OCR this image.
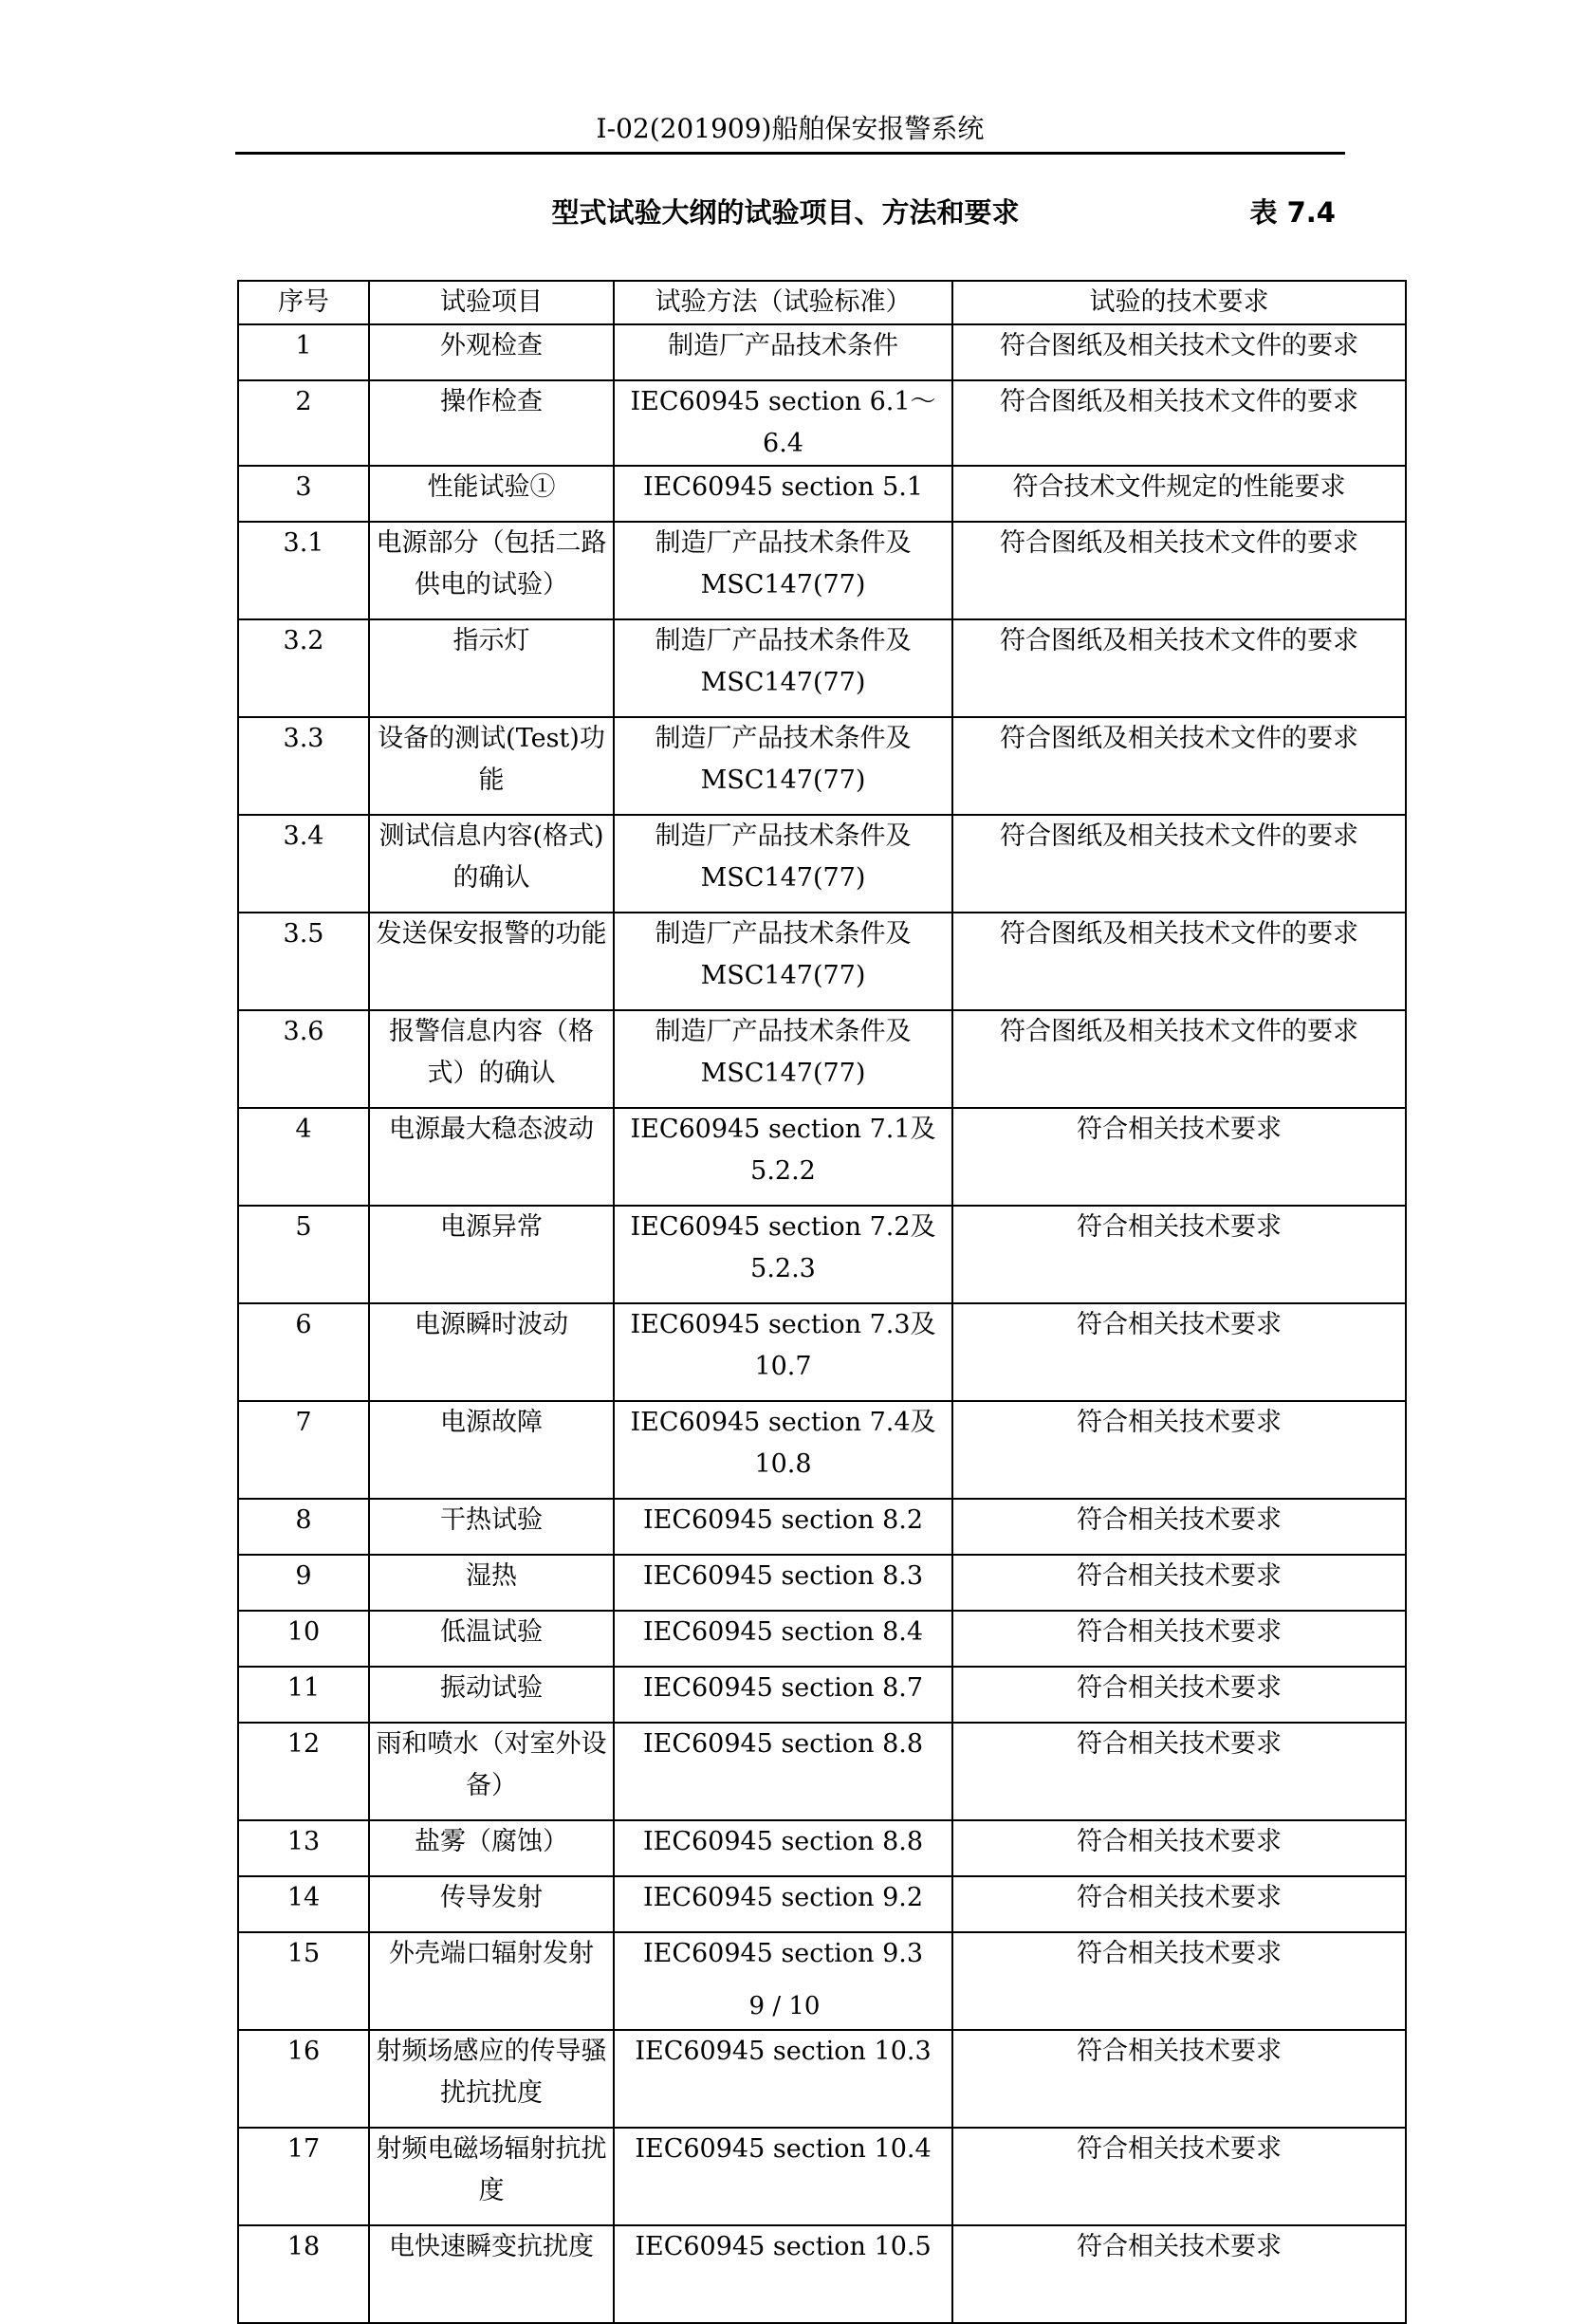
I-02(201909)船舶保安报警系统
型式试验大纲的试验项目、方法和要求	表 7.4
序号	试验项目	试验方法（试验标准）	试验的技术要求
1	外观检查	制造厂产品技术条件	符合图纸及相关技术文件的要求
2	操作检查	IEC60945 section 6.1～6.4	符合图纸及相关技术文件的要求
3	性能试验①	IEC60945 section 5.1	符合技术文件规定的性能要求
3.1	电源部分（包括二路供电的试验）	制造厂产品技术条件及MSC147(77)	符合图纸及相关技术文件的要求
3.2	指示灯	制造厂产品技术条件及MSC147(77)	符合图纸及相关技术文件的要求
3.3	设备的测试(Test)功能	制造厂产品技术条件及MSC147(77)	符合图纸及相关技术文件的要求
3.4	测试信息内容(格式)的确认	制造厂产品技术条件及MSC147(77)	符合图纸及相关技术文件的要求
3.5	发送保安报警的功能	制造厂产品技术条件及MSC147(77)	符合图纸及相关技术文件的要求
3.6	报警信息内容（格式）的确认	制造厂产品技术条件及MSC147(77)	符合图纸及相关技术文件的要求
4	电源最大稳态波动	IEC60945 section 7.1及5.2.2	符合相关技术要求
5	电源异常	IEC60945 section 7.2及5.2.3	符合相关技术要求
6	电源瞬时波动	IEC60945 section 7.3及10.7	符合相关技术要求
7	电源故障	IEC60945 section 7.4及10.8	符合相关技术要求
8	干热试验	IEC60945 section 8.2	符合相关技术要求
9	湿热	IEC60945 section 8.3	符合相关技术要求
10	低温试验	IEC60945 section 8.4	符合相关技术要求
11	振动试验	IEC60945 section 8.7	符合相关技术要求
12	雨和喷水（对室外设备）	IEC60945 section 8.8	符合相关技术要求
13	盐雾（腐蚀）	IEC60945 section 8.8	符合相关技术要求
14	传导发射	IEC60945 section 9.2	符合相关技术要求
15	外壳端口辐射发射	IEC60945 section 9.3	符合相关技术要求
16	射频场感应的传导骚扰抗扰度	IEC60945 section 10.3	符合相关技术要求
17	射频电磁场辐射抗扰度	IEC60945 section 10.4	符合相关技术要求
18	电快速瞬变抗扰度	IEC60945 section 10.5	符合相关技术要求
9 / 10
